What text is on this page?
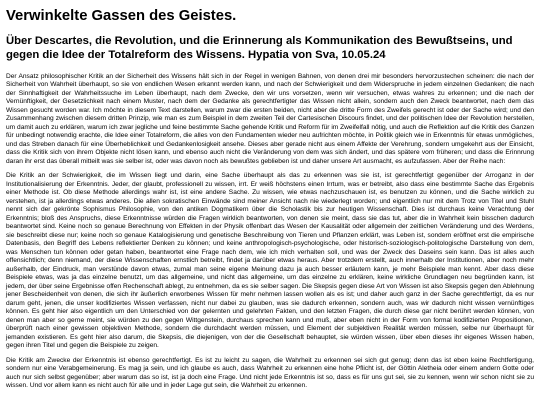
Verwinkelte Gassen des Geistes.
Über Descartes, die Revolution, und die Erinnerung als Kommunikation des Bewußtseins, und gegen die Idee der Totalreform des Wissens. Hypatia von Sva, 10.05.24

Der Ansatz philosophischer Kritik an der Sicherheit des Wissens hält sich in der Regel in wenigen Bahnen, von denen drei mir besonders hervorzustechen scheinen: die nach der Sicherheit von Wahrheit überhaupt, so sie von endlichen Wesen erkannt werden kann, und nach der Schwierigkeit und dem Widerspruche in jedem einzelnen Gedanken; die nach der Sinnhaftigkeit der Wahrheitssuche im Leben überhaupt, nach dem Zwecke, den wir uns vorsetzen, wenn wir versuchen, etwas wahres zu erkennen; und die nach der Vernünftigkeit, der Gesetzlichkeit nach einem Muster, nach dem der Gedanke als gerechtfertigter das Wissen nicht allein, sondern auch den Zweck beantwortet, nach dem das Wissen gesucht worden war. Ich möchte in diesem Text darstellen, warum zwar die ersten beiden, nicht aber die dritte Form des Zweifels gerecht ist oder der Sache wird; und den Zusammenhang zwischen diesem dritten Prinzip, wie man es zum Beispiel in dem zweiten Teil der Cartesischen Discours findet, und der politischen Idee der Revolution herstellen, um damit auch zu erklären, warum ich zwar jegliche und feine bestimmte Sache gehende Kritik und Reform für im Zweifelfall nötig, und auch die Reflektion auf die Kritik des Ganzen für unbedingt notwendig erachte, die Idee einer Totalreform, die alles von den Fundamenten wieder neu aufrichten möchte, in Politik gleich wie in Erkenntnis für etwas unmögliches, und das Streben danach für eine Überheblichkeit und Gedankenlosigkeit ansehe. Dieses aber gerade nicht aus einem Affekte der Verehrung, sondern umgekehrt aus der Einsicht, dass die Kritik sich von ihrem Objekte nicht lösen kann, und ebenso auch nicht die Veränderung von dem was sich ändert, und das spätere vom früheren; und dass die Erinnrung daran ihr erst das überall mitteilt was sie selber ist, oder was davon noch als bewußtes geblieben ist und daher unsere Art ausmacht, es aufzufassen. Aber der Reihe nach:

Die Kritik an der Schwierigkeit, die im Wissen liegt und darin, eine Sache überhaupt als das zu erkennen was sie ist, ist gerechtfertigt gegenüber der Arroganz in der Institutionalisierung der Erkenntnis. Jeder, der glaubt, professionell zu wissen, irrt. Er weiß höchstens einen Irrtum, was er betreibt, also dass eine bestimmte Sache das Ergebnis einer Methode ist. Ob diese Methode allerdings wahr ist, ist eine andere Sache. Zu wissen, wie etwas nachzuschauen ist, es benutzen zu können, und die Sache wirklich zu verstehen, ist ja allerdings etwas anderes. Die allen sokratischen Einwände sind meiner Ansicht nach nie wiederlegt worden; und eigentlich nur mit dem Trotz von Titel und Stuhl nennt sich der gekrönte Sophismus Philosophie, von den antiken Dogmatikern über die Scholastik bis zur heutigen Wissenschaft. Dies ist durchaus keine Verachtung der Erkenntnis; bloß des Anspruchs, diese Erkenntnisse würden die Fragen wirklich beantworten, von denen sie meint, dass sie das tut, aber die in Wahrheit kein bisschen dadurch beantwortet sind. Keine noch so genaue Berechnung von Effekten in der Physik offenbart das Wesen der Kausalität oder allgemein der zeitlichen Veränderung und des Werdens, sie beschreibt diese nur; keine noch so genaue Katalogisierung und genetische Beschreibung von Tieren und Pflanzen erklärt, was Leben ist, sondern eröffnet erst die empirische Datenbasis, den Begriff des Lebens reflektierter Denken zu können; und keine anthropologisch-psychologische, oder historisch-soziologisch-politologische Darstellung von dem, was Menschen tun können oder getan haben, beantwortet eine Frage nach dem, wie ich mich verhalten soll, und was der Zweck des Daseins sein kann. Das ist alles auch offensichtlich; denn niemand, der diese Wissenschaften ernstlich betreibt, findet ja darüber etwas heraus. Aber trotzdem erstellt, auch innerhalb der Institutionen, aber noch mehr außerhalb, der Eindruck, man verstünde davon etwas, zumal man seine eigene Meinung dazu ja auch besser erläutern kann, je mehr Beispiele man kennt. Aber dass diese Beispiele etwas, was ja das einzelne benutzt, um das allgemeine, und nicht das allgemeine, um das einzelne zu erklären, keine wirkliche Grundlagen neu begründen kann, ist jedem, der über seine Ergebnisse offen Rechenschaft ablegt, zu entnehmen, da es sie selber sagen. Die Skepsis gegen diese Art von Wissen ist also Skepsis gegen den Ablehnung jener Bescheidenheit von denen, die sich ihr äußerlich erworbenes Wissen für mehr nehmen lassen wollen als es ist; und daher auch ganz in der Sache gerechtfertigt, da es nur darum geht, jenen, die unser kodifiziertes Wissen verfassen, nicht nur dabei zu glauben, was sie dadurch erkennen, sondern auch, was wir dadurch nicht wissen vernünftiges können. Es geht hier also eigentlich um den Unterschied von der gelernten und gelehrten Fakten, und den letzten Fragen, die durch diese gar nicht berührt werden können, von denen man aber so gerne meint, sie würden zu den gegen Wittgenstein, durchaus sprechen kann und muß, aber eben nicht in der Form von formal kodifizierten Propositionen, überprüft nach einer gewissen objektiven Methode, sondern die durchdacht werden müssen, und Element der subjektiven Realität werden müssen, selbe nur überhaupt für jemanden existieren. Es geht hier also darum, die Skepsis, die diejenigen, von der die Gesellschaft behauptet, sie würden wissen, über eben dieses ihr eigenes Wissen haben, gegen ihren Titel und gegen die Beispiele zu zeigen.

Die Kritik am Zwecke der Erkenntnis ist ebenso gerechtfertigt. Es ist zu leicht zu sagen, die Wahrheit zu erkennen sei sich gut genug; denn das ist eben keine Rechtfertigung, sondern nur eine Verabgemeinerung. Es mag ja sein, und ich glaube es auch, dass Wahrheit zu erkennen eine hohe Pflicht ist, der Göttin Aletheia oder einem andern Gotte oder auch nur sich selbst gegenüber; aber warum das so ist, ist ja doch eine Frage. Und nicht jede Erkenntnis ist so, dass es für uns gut sei, sie zu kennen, wenn wir schon nicht sie zu wissen. Und vor allem kann es nicht auch für alle und in jeder Lage gut sein, die Wahrheit zu erkennen.
